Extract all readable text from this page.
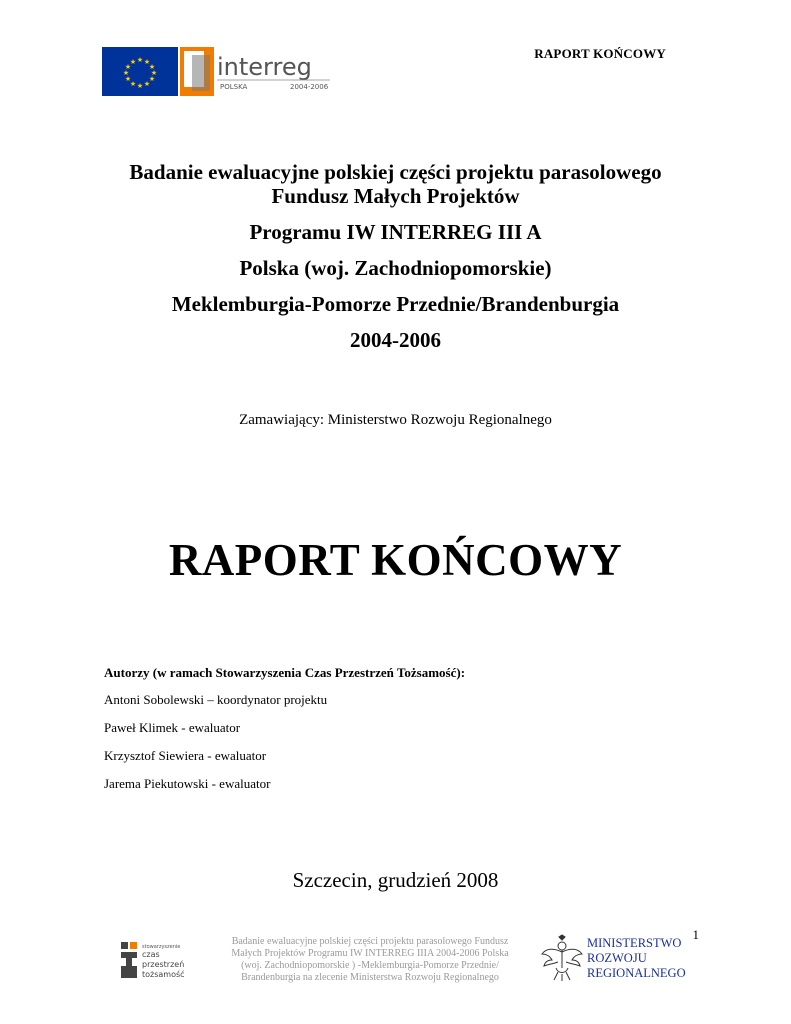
RAPORT KOŃCOWY
★ ★
★
★
★
★
★
★
★
★
★
★	interreg
POLSKA	2004-2006
Badanie ewaluacyjne polskiej części projektu parasolowego
Fundusz Małych Projektów
Programu IW INTERREG III A
Polska (woj. Zachodniopomorskie)
Meklemburgia-Pomorze Przednie/Brandenburgia
2004-2006
Zamawiający: Ministerstwo Rozwoju Regionalnego
RAPORT KOŃCOWY
Autorzy (w ramach Stowarzyszenia Czas Przestrzeń Tożsamość):
Antoni Sobolewski – koordynator projektu
Paweł Klimek - ewaluator
Krzysztof Siewiera - ewaluator
Jarema Piekutowski - ewaluator
Szczecin, grudzień 2008
1
stowarzyszenie
czas
przestrzeń
tożsamość
Badanie ewaluacyjne polskiej części projektu parasolowego Fundusz
Małych Projektów Programu IW INTERREG IIIA 2004-2006 Polska
(woj. Zachodniopomorskie ) -Meklemburgia-Pomorze Przednie/
Brandenburgia na zlecenie Ministerstwa Rozwoju Regionalnego
MINISTERSTWO
ROZWOJU
REGIONALNEGO
